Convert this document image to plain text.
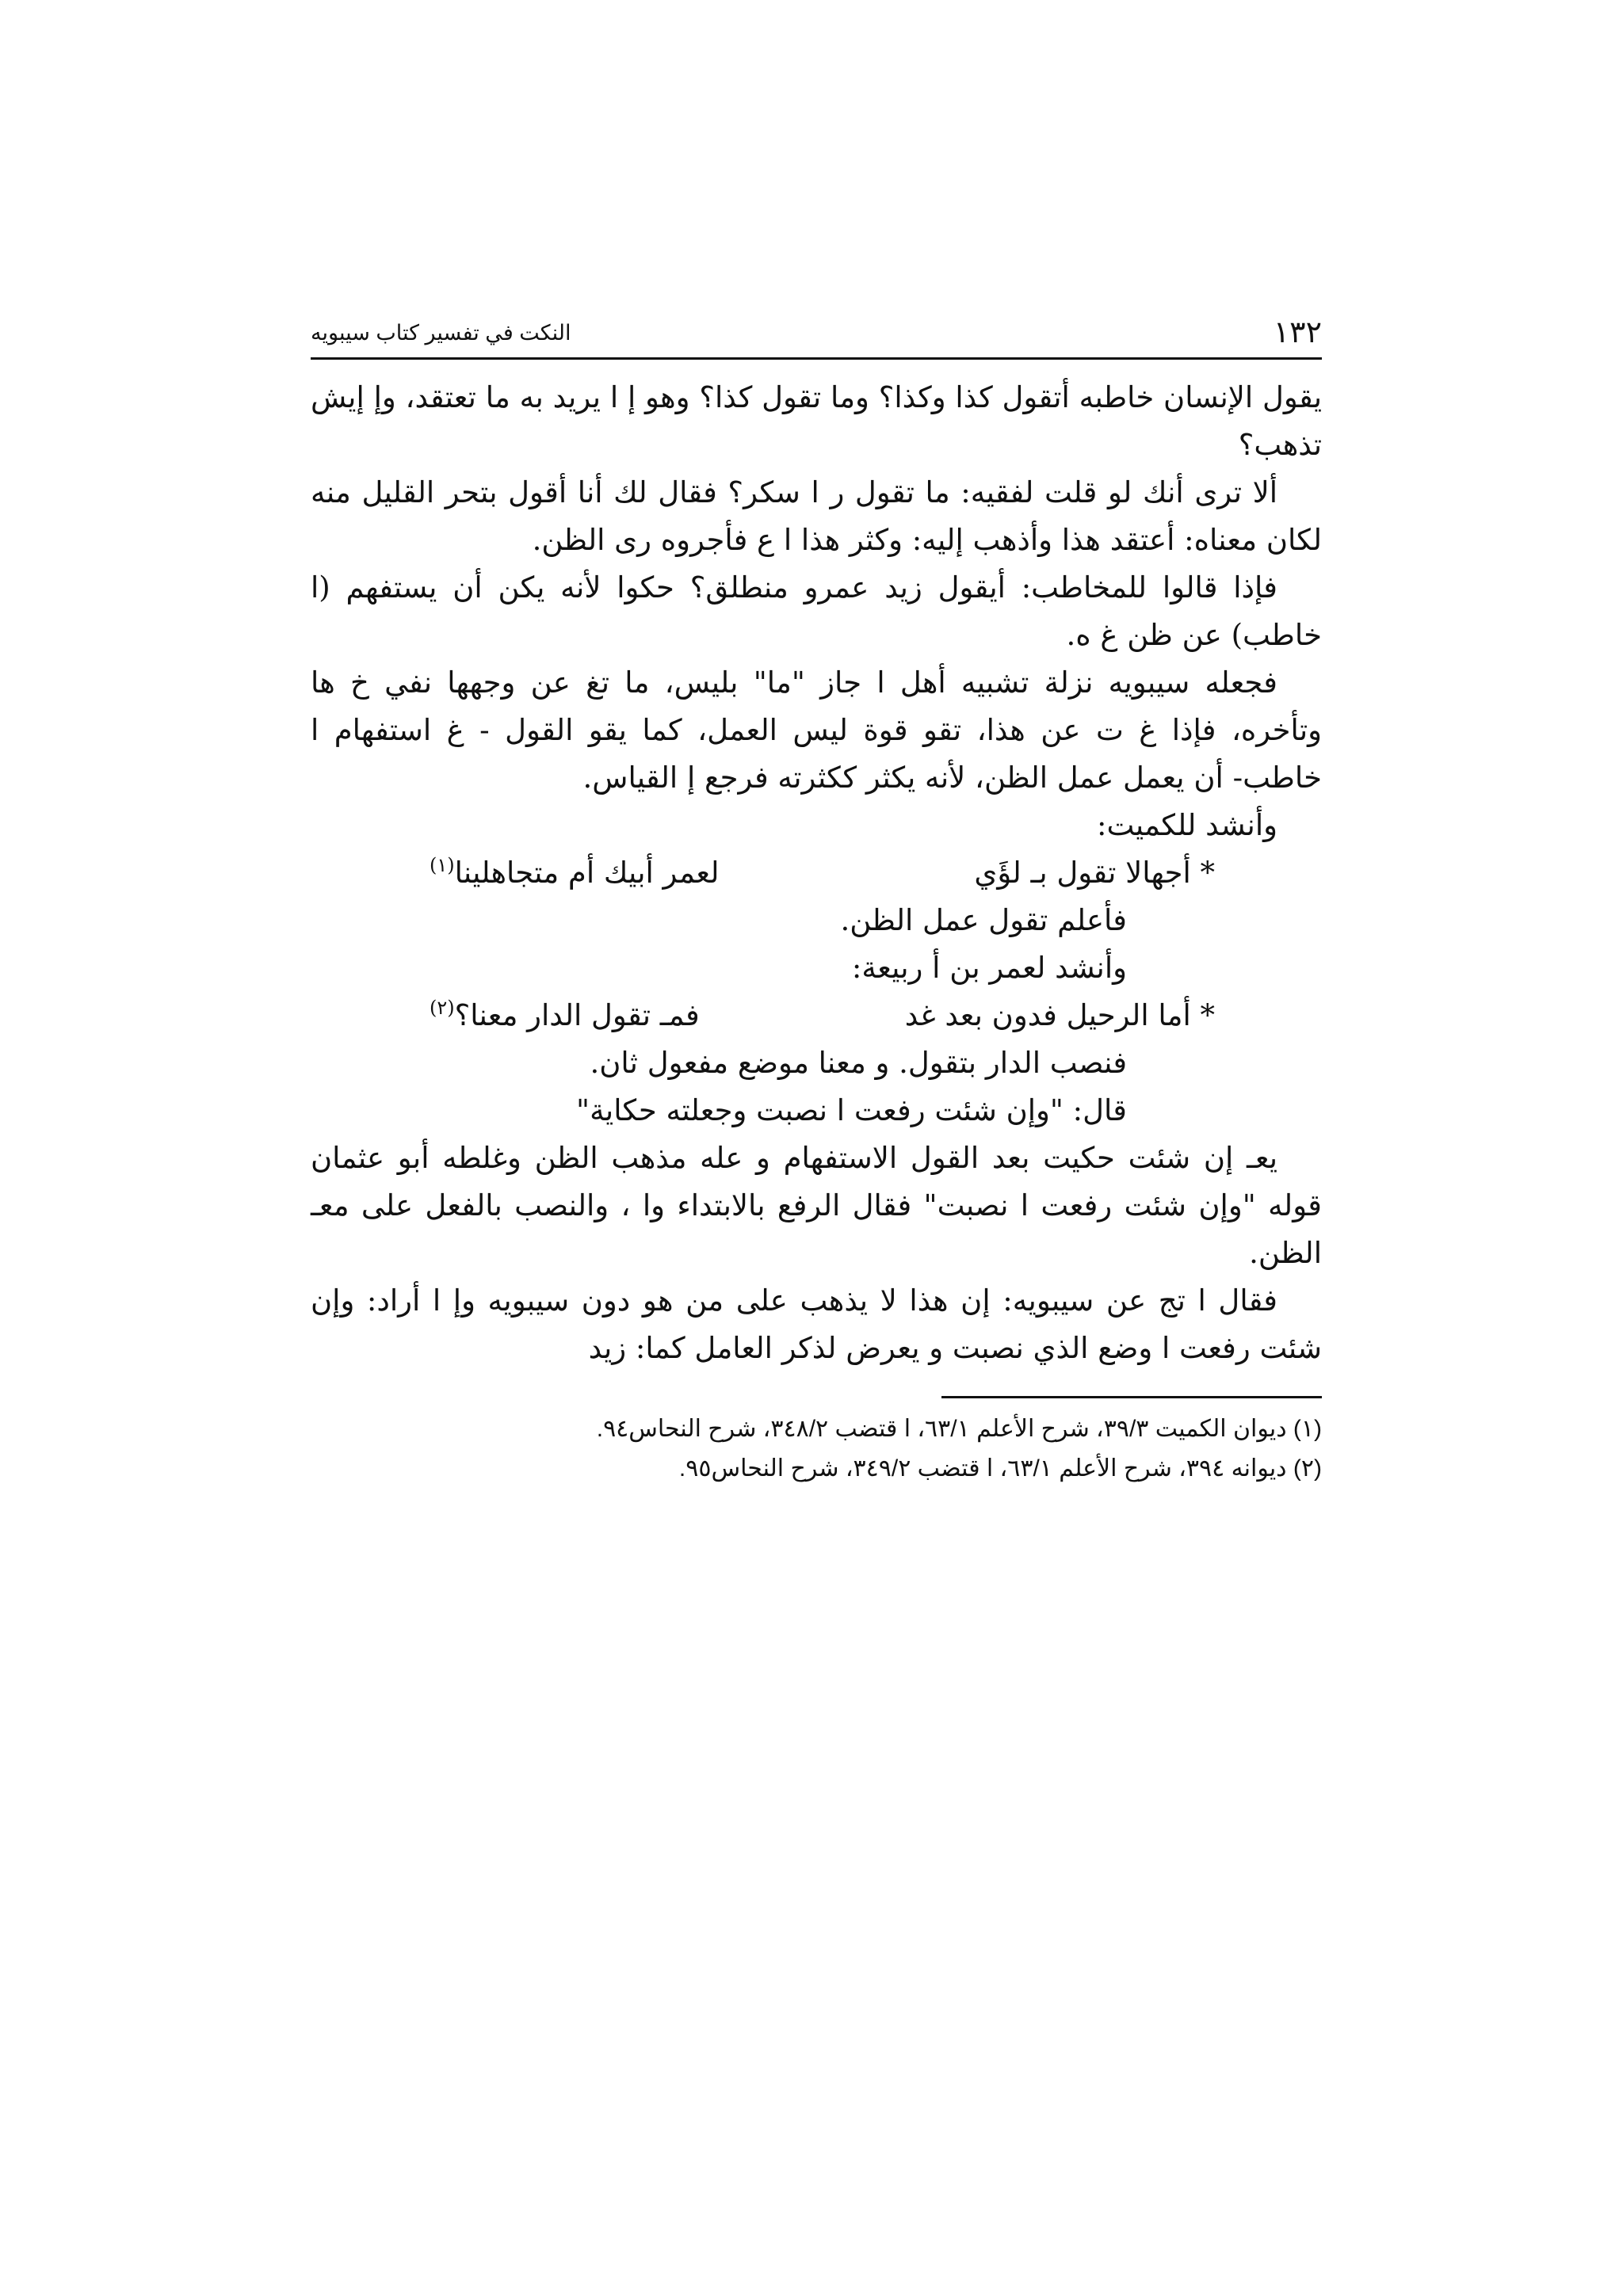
١٣٢
النكت في تفسير كتاب سيبويه

يقول الإنسان خاطبه أتقول كذا وكذا؟ وما تقول كذا؟ وهو إ ا يريد به ما تعتقد، وإ إيش تذهب؟

ألا ترى أنك لو قلت لفقيه: ما تقول ر ا سكر؟ فقال لك أنا أقول بتحر القليل منه لكان معناه: أعتقد هذا وأذهب إليه: وكثر هذا ا ع فأجروه رى الظن.

فإذا قالوا للمخاطب: أيقول زيد عمرو منطلق؟ حكوا لأنه يكن أن يستفهم (ا خاطب) عن ظن غ ه.

فجعله سيبويه نزلة تشبيه أهل ا جاز "ما" بليس، ما تغ عن وجهها نفي خ ها وتأخره، فإذا غ ت عن هذا، تقو قوة ليس العمل، كما يقو القول - غ استفهام ا خاطب- أن يعمل عمل الظن، لأنه يكثر ككثرته فرجع إ القياس.

وأنشد للكميت:

* أجهالا تقول بـ لؤَي
لعمر أبيك أم متجاهلينا$^{(١)}$

فأعلم تقول عمل الظن.

وأنشد لعمر بن أ ربيعة:

* أما الرحيل فدون بعد غد
فمـ تقول الدار معنا؟$^{(٢)}$

فنصب الدار بتقول. و معنا موضع مفعول ثان.

قال: "وإن شئت رفعت ا نصبت وجعلته حكاية"

يعـ إن شئت حكيت بعد القول الاستفهام و عله مذهب الظن وغلطه أبو عثمان قوله "وإن شئت رفعت ا نصبت" فقال الرفع بالابتداء وا ، والنصب بالفعل على معـ الظن.

فقال ا تج عن سيبويه: إن هذا لا يذهب على من هو دون سيبويه وإ ا أراد: وإن شئت رفعت ا وضع الذي نصبت و يعرض لذكر العامل كما: زيد

(١) ديوان الكميت ٣٩/٣، شرح الأعلم ٦٣/١، ا قتضب ٣٤٨/٢، شرح النحاس٩٤.

(٢) ديوانه ٣٩٤، شرح الأعلم ٦٣/١، ا قتضب ٣٤٩/٢، شرح النحاس٩٥.
